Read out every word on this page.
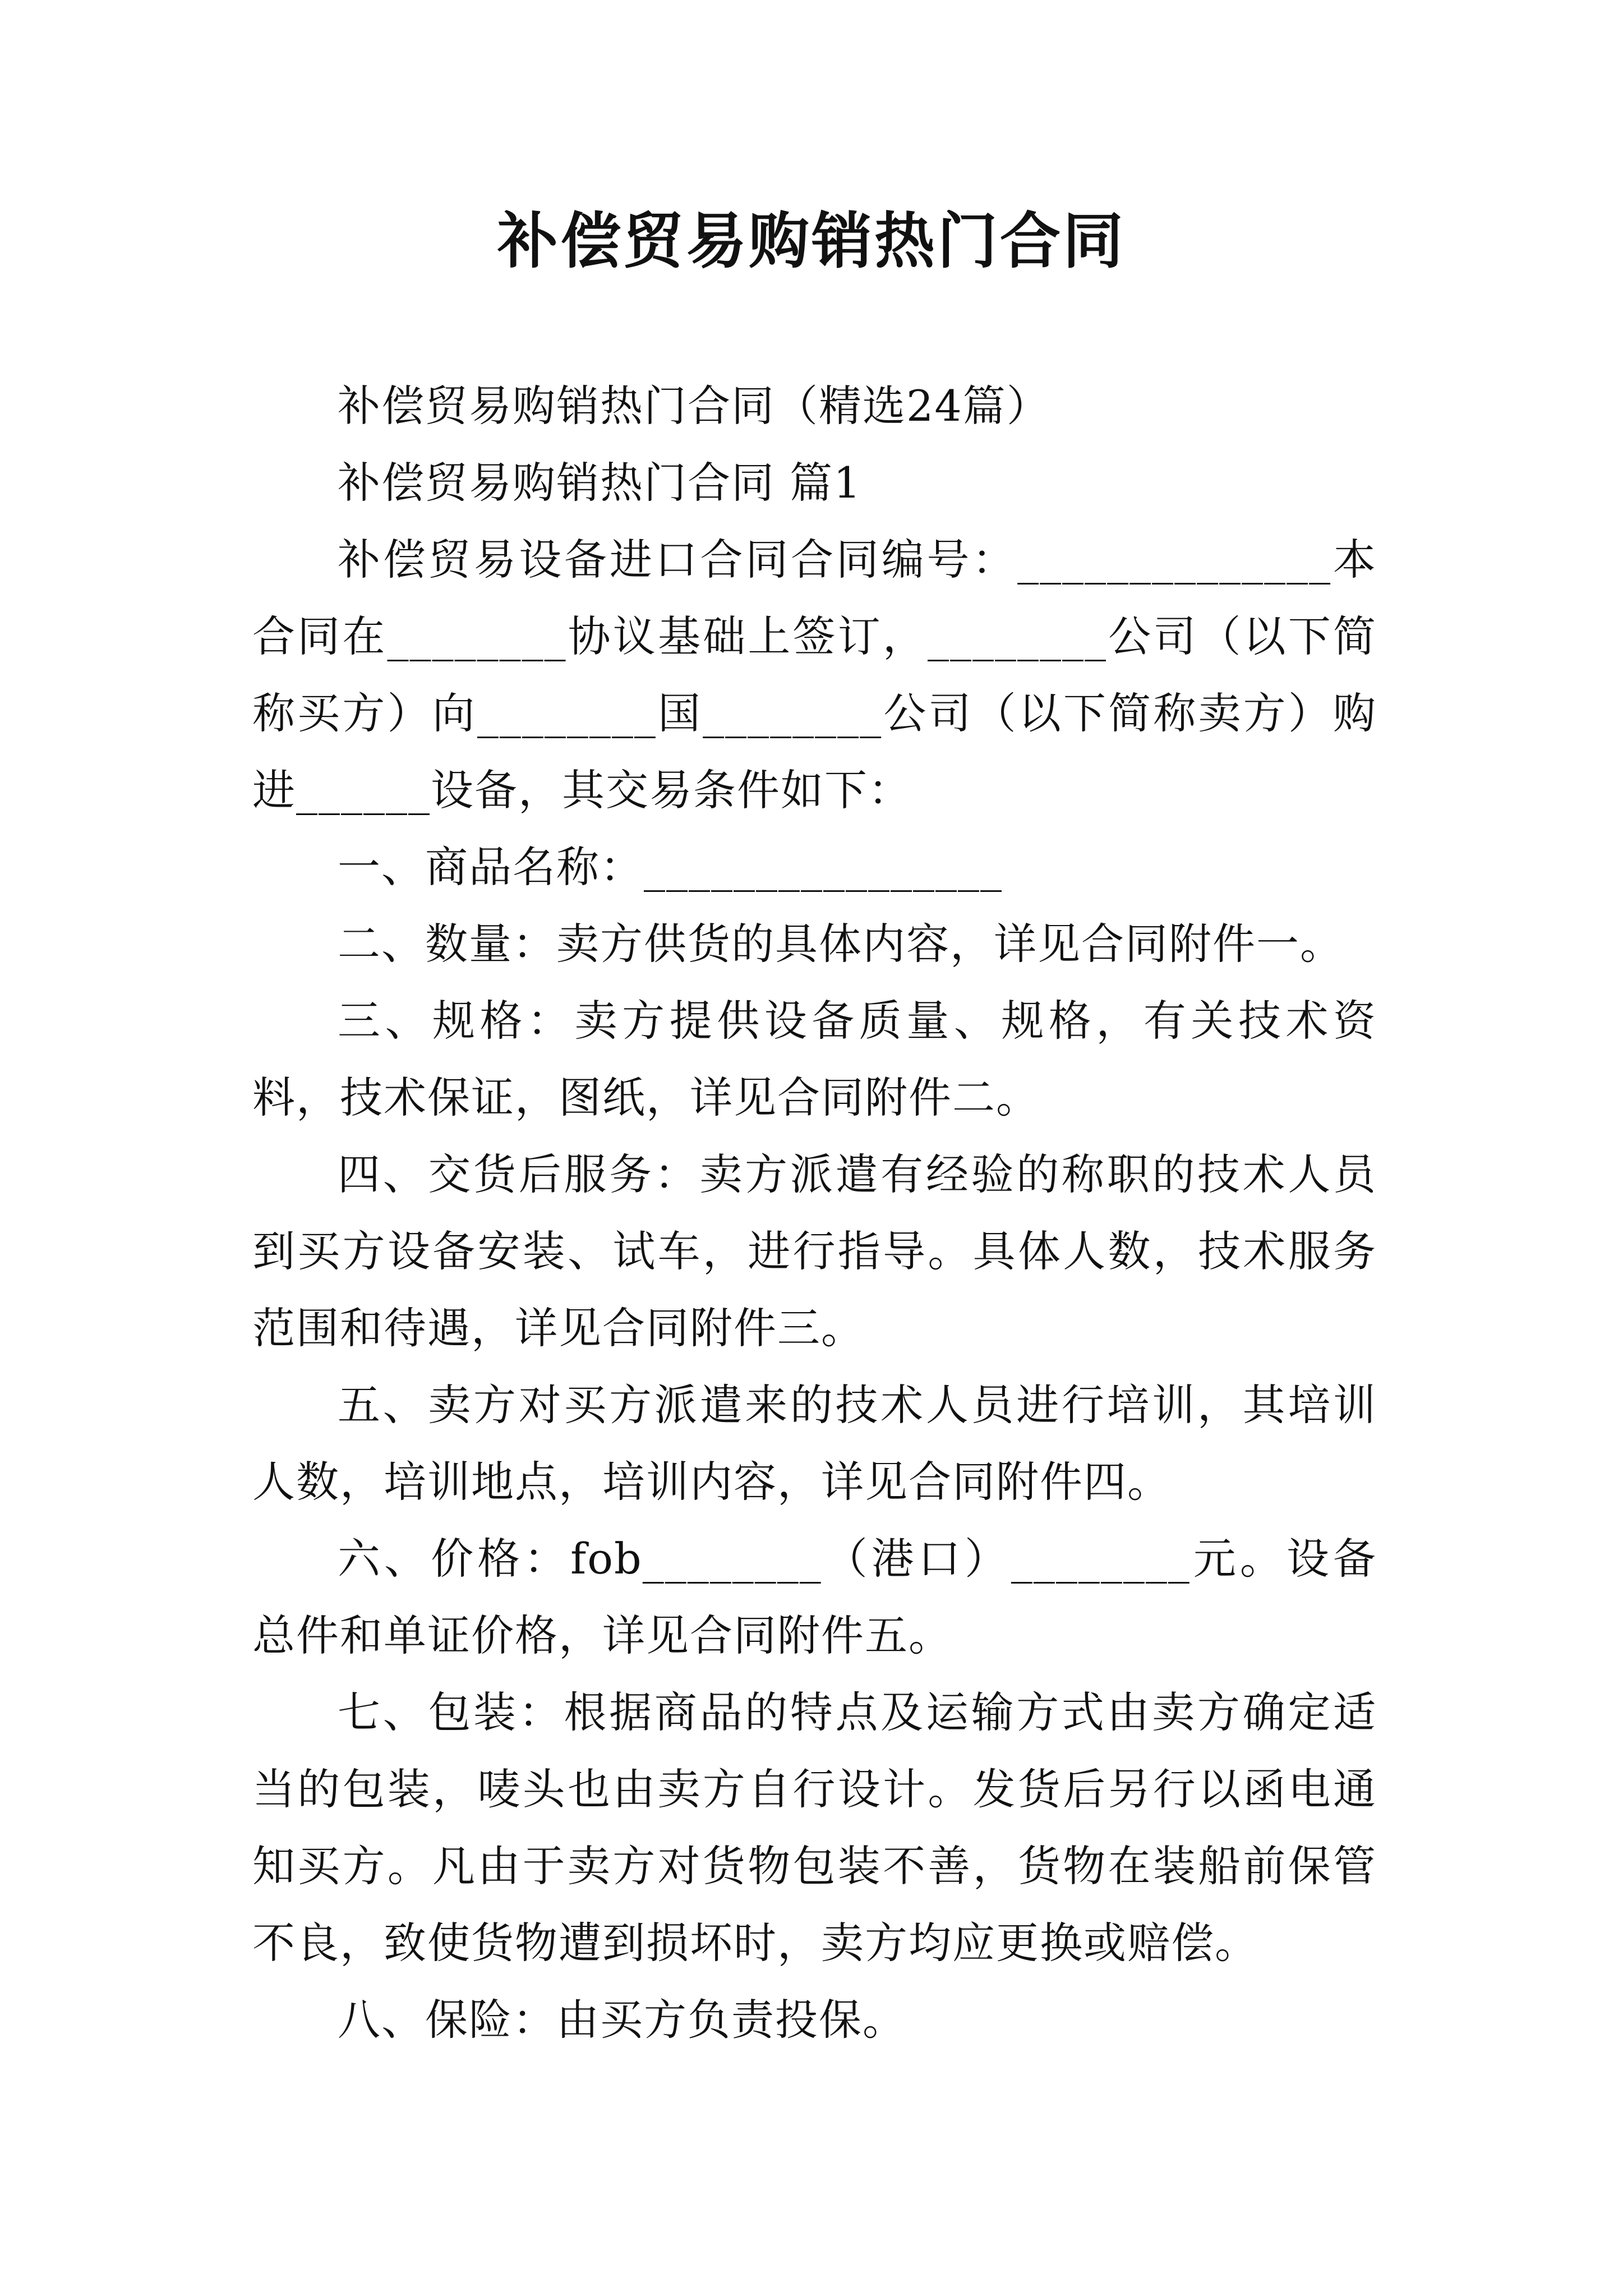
补偿贸易购销热门合同

补偿贸易购销热门合同（精选24篇）

补偿贸易购销热门合同 篇1

补偿贸易设备进口合同合同编号：______________本合同在________协议基础上签订，________公司（以下简称买方）向________国________公司（以下简称卖方）购进______设备，其交易条件如下：

一、商品名称：________________

二、数量：卖方供货的具体内容，详见合同附件一。

三、规格：卖方提供设备质量、规格，有关技术资料，技术保证，图纸，详见合同附件二。

四、交货后服务：卖方派遣有经验的称职的技术人员到买方设备安装、试车，进行指导。具体人数，技术服务范围和待遇，详见合同附件三。

五、卖方对买方派遣来的技术人员进行培训，其培训人数，培训地点，培训内容，详见合同附件四。

六、价格：fob________（港口）________元。设备总件和单证价格，详见合同附件五。

七、包装：根据商品的特点及运输方式由卖方确定适当的包装，唛头也由卖方自行设计。发货后另行以函电通知买方。凡由于卖方对货物包装不善，货物在装船前保管不良，致使货物遭到损坏时，卖方均应更换或赔偿。

八、保险：由买方负责投保。
